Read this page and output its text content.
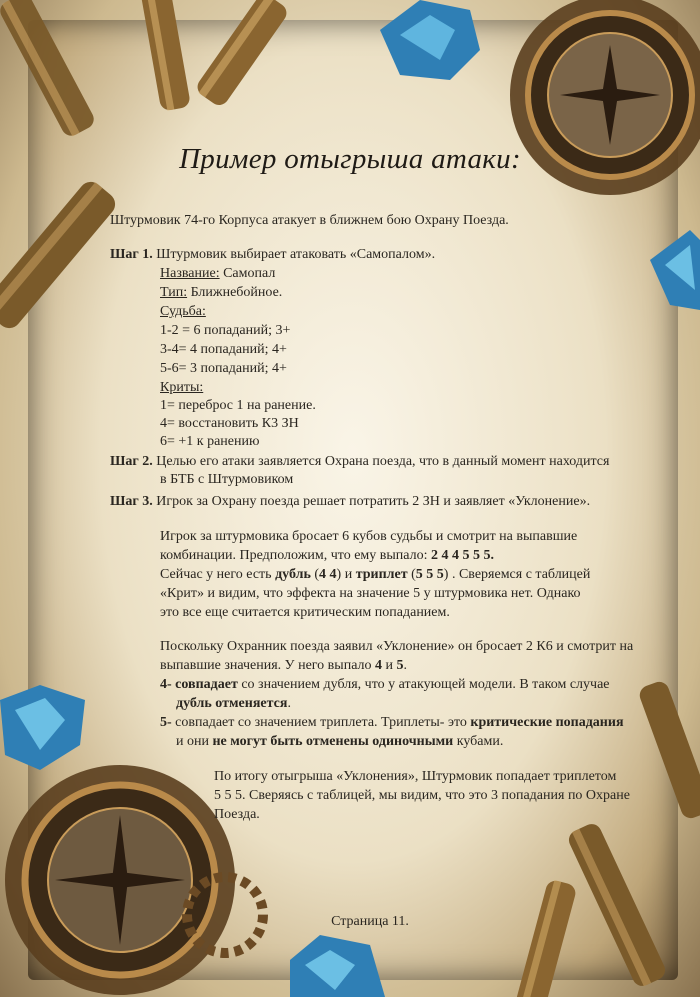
Пример отыгрыша атаки:
Штурмовик 74-го Корпуса атакует в ближнем бою Охрану Поезда.
Шаг 1. Штурмовик выбирает атаковать «Самопалом».
Название: Самопал
Тип: Ближнебойное.
Судьба:
1-2 = 6 попаданий; 3+
3-4= 4 попаданий; 4+
5-6= 3 попаданий; 4+
Криты:
1= переброс 1 на ранение.
4= восстановить К3 ЗН
6= +1 к ранению
Шаг 2. Целью его атаки заявляется Охрана поезда, что в данный момент находится
в БТБ с Штурмовиком
Шаг 3. Игрок за Охрану поезда решает потратить 2 ЗН и заявляет «Уклонение».
Игрок за штурмовика бросает 6 кубов судьбы и смотрит на выпавшие
комбинации. Предположим, что ему выпало: 2 4 4 5 5 5.
Сейчас у него есть дубль (4 4) и триплет (5 5 5) . Сверяемся с таблицей
«Крит» и видим, что эффекта на значение 5 у штурмовика нет. Однако
это все еще считается критическим попаданием.
Поскольку Охранник поезда заявил «Уклонение» он бросает 2 К6 и смотрит на
выпавшие значения. У него выпало 4 и 5.
4- совпадает со значением дубля, что у атакующей модели. В таком случае
дубль отменяется.
5- совпадает со значением триплета. Триплеты- это критические попадания
и они не могут быть отменены одиночными кубами.
По итогу отыгрыша «Уклонения», Штурмовик попадает триплетом
5 5 5. Сверяясь с таблицей, мы видим, что это 3 попадания по Охране
Поезда.
Страница 11.
